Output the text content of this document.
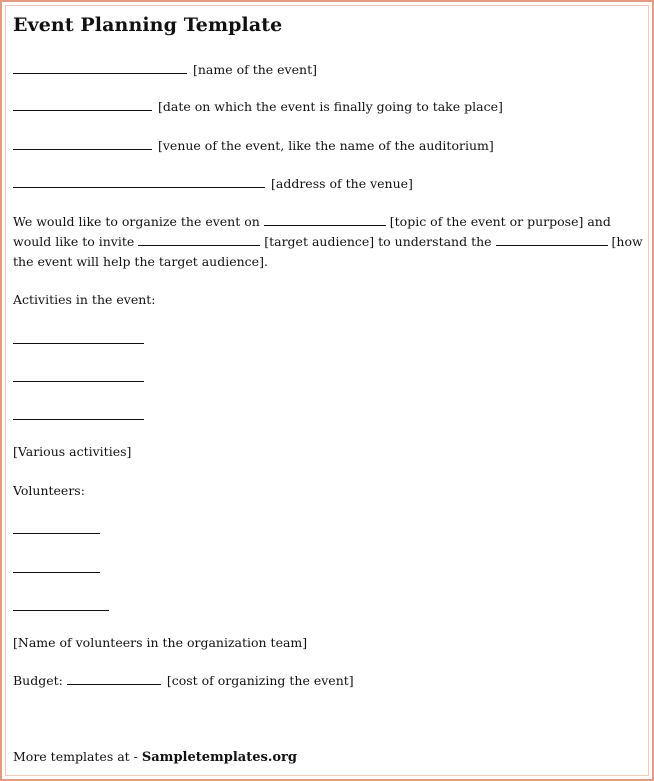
Event Planning Template
[name of the event]
[date on which the event is finally going to take place]
[venue of the event, like the name of the auditorium]
[address of the venue]
We would like to organize the event on	[topic of the event or purpose] and would like to invite	[target audience] to understand the	[how the event will help the target audience].
Activities in the event:
[Various activities]
Volunteers:
[Name of volunteers in the organization team]
Budget:	[cost of organizing the event]
More templates at - Sampletemplates.org
